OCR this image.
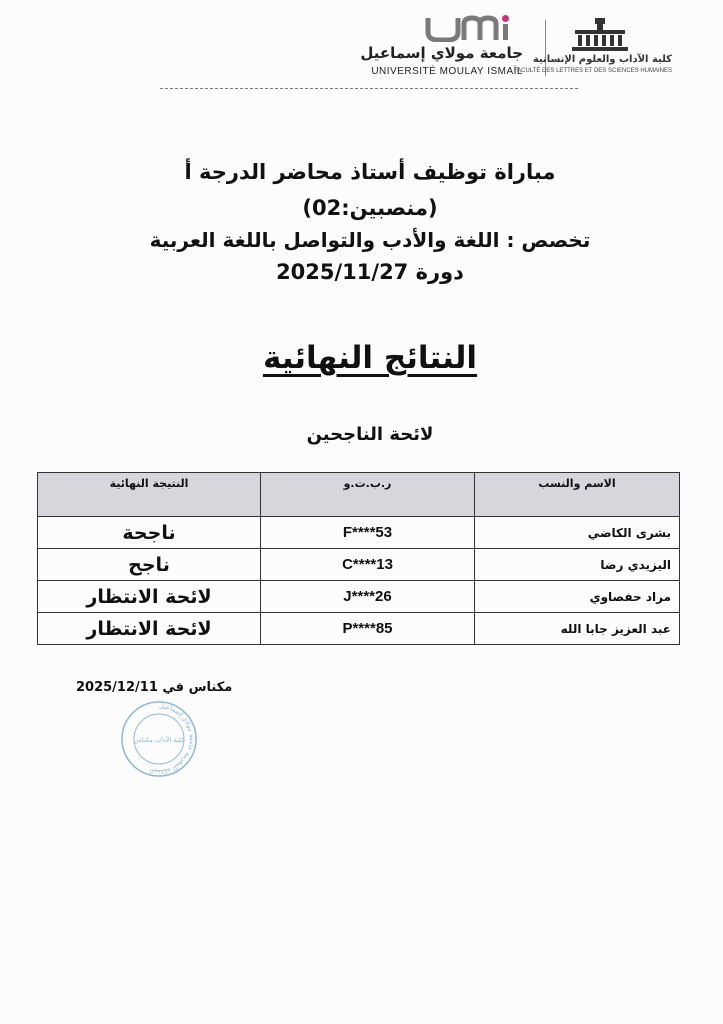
جامعة مولاي إسماعيل
UNIVERSITÉ MOULAY ISMAÏL
كلية الآداب والعلوم الإنسانية
FACULTÉ DES LETTRES ET DES SCIENCES HUMAINES
مباراة توظيف أستاذ محاضر الدرجة أ
(منصبين:02)
تخصص : اللغة والأدب والتواصل باللغة العربية
دورة 2025/11/27
النتائج النهائية
لائحة الناجحين
الاسم والنسب	ر.ب.ت.و	النتيجة النهائية
بشرى الكاضي	F****53	ناجحة
اليزيدي رضا	C****13	ناجح
مراد حفصاوي	J****26	لائحة الانتظار
عبد العزيز جابا الله	P****85	لائحة الانتظار
مكناس في 2025/12/11
المملكة المغربية جامعة مولاي إسماعيل
كلية الآداب مكناس
